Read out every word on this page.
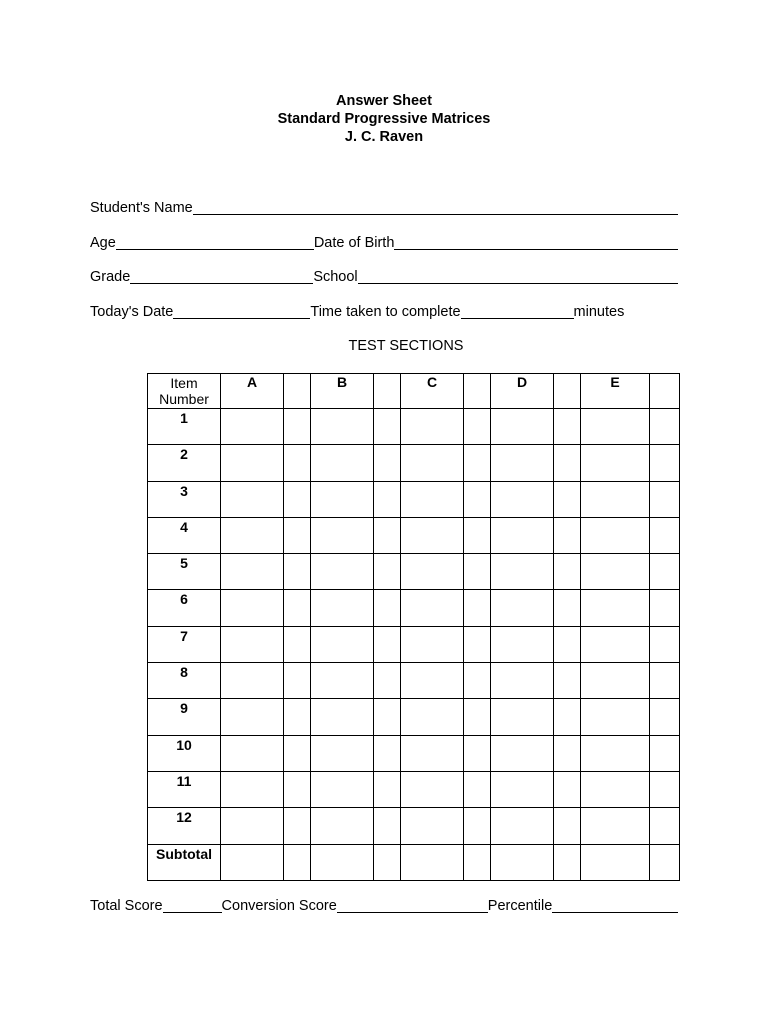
Answer Sheet
Standard Progressive Matrices
J. C. Raven
Student's Name
Age	Date of Birth
Grade	School
Today's Date	Time taken to complete	minutes
TEST SECTIONS
Item
Number	A		B		C		D		E	
1										
2										
3										
4										
5										
6										
7										
8										
9										
10										
11										
12										
Subtotal										
Total Score	Conversion Score	Percentile
